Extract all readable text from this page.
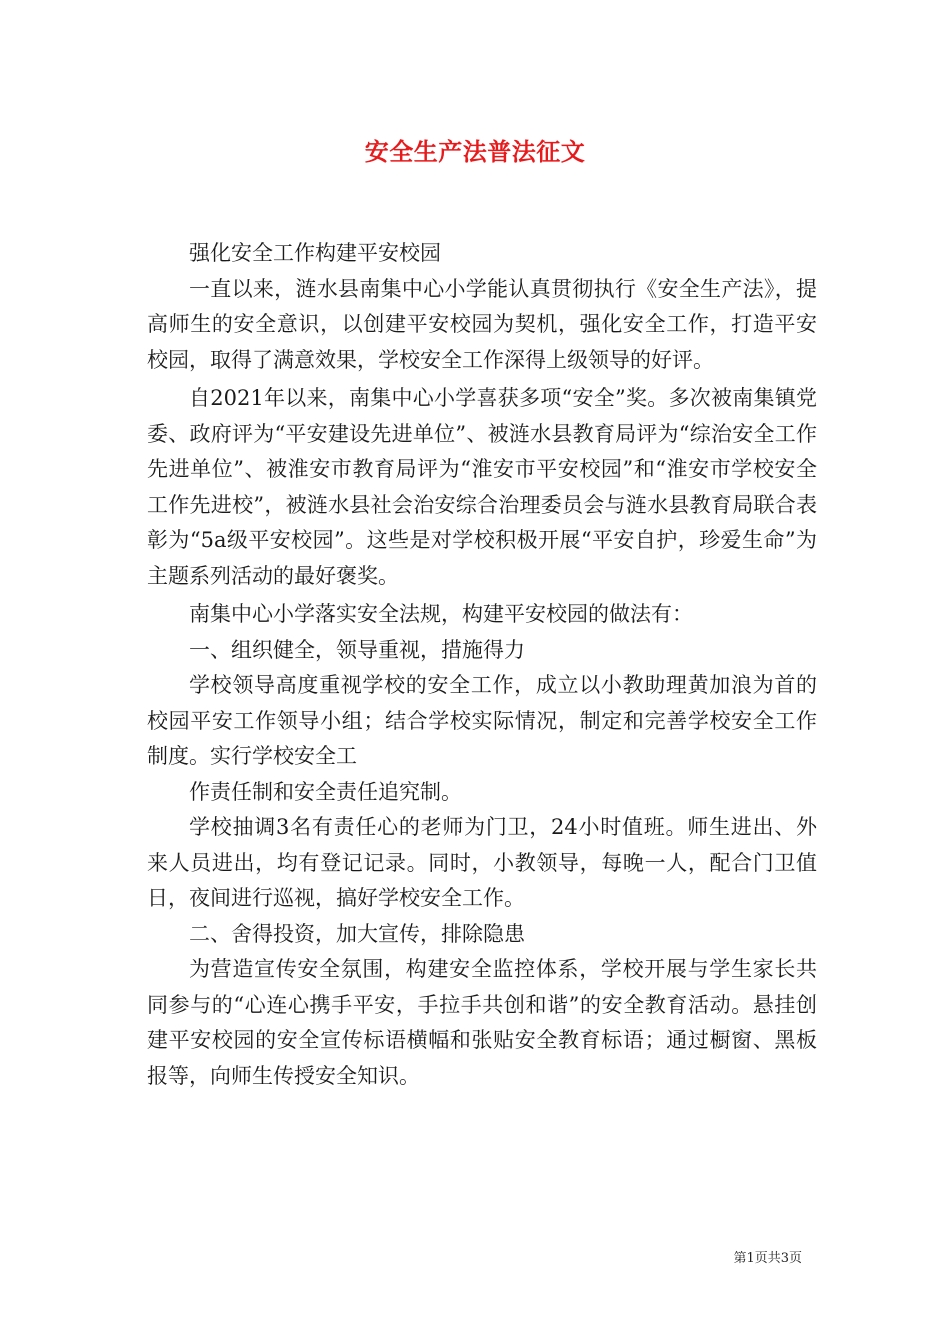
安全生产法普法征文

强化安全工作构建平安校园

一直以来，涟水县南集中心小学能认真贯彻执行《安全生产法》，提高师生的安全意识，以创建平安校园为契机，强化安全工作，打造平安校园，取得了满意效果，学校安全工作深得上级领导的好评。

自2021年以来，南集中心小学喜获多项“安全”奖。多次被南集镇党委、政府评为“平安建设先进单位”、被涟水县教育局评为“综治安全工作先进单位”、被淮安市教育局评为“淮安市平安校园”和“淮安市学校安全工作先进校”，被涟水县社会治安综合治理委员会与涟水县教育局联合表彰为“5a级平安校园”。这些是对学校积极开展“平安自护，珍爱生命”为主题系列活动的最好褒奖。

南集中心小学落实安全法规，构建平安校园的做法有：

一、组织健全，领导重视，措施得力

学校领导高度重视学校的安全工作，成立以小教助理黄加浪为首的校园平安工作领导小组；结合学校实际情况，制定和完善学校安全工作制度。实行学校安全工

作责任制和安全责任追究制。

学校抽调3名有责任心的老师为门卫，24小时值班。师生进出、外来人员进出，均有登记记录。同时，小教领导，每晚一人，配合门卫值日，夜间进行巡视，搞好学校安全工作。

二、舍得投资，加大宣传，排除隐患

为营造宣传安全氛围，构建安全监控体系，学校开展与学生家长共同参与的“心连心携手平安，手拉手共创和谐”的安全教育活动。悬挂创建平安校园的安全宣传标语横幅和张贴安全教育标语；通过橱窗、黑板报等，向师生传授安全知识。

第1页共3页
